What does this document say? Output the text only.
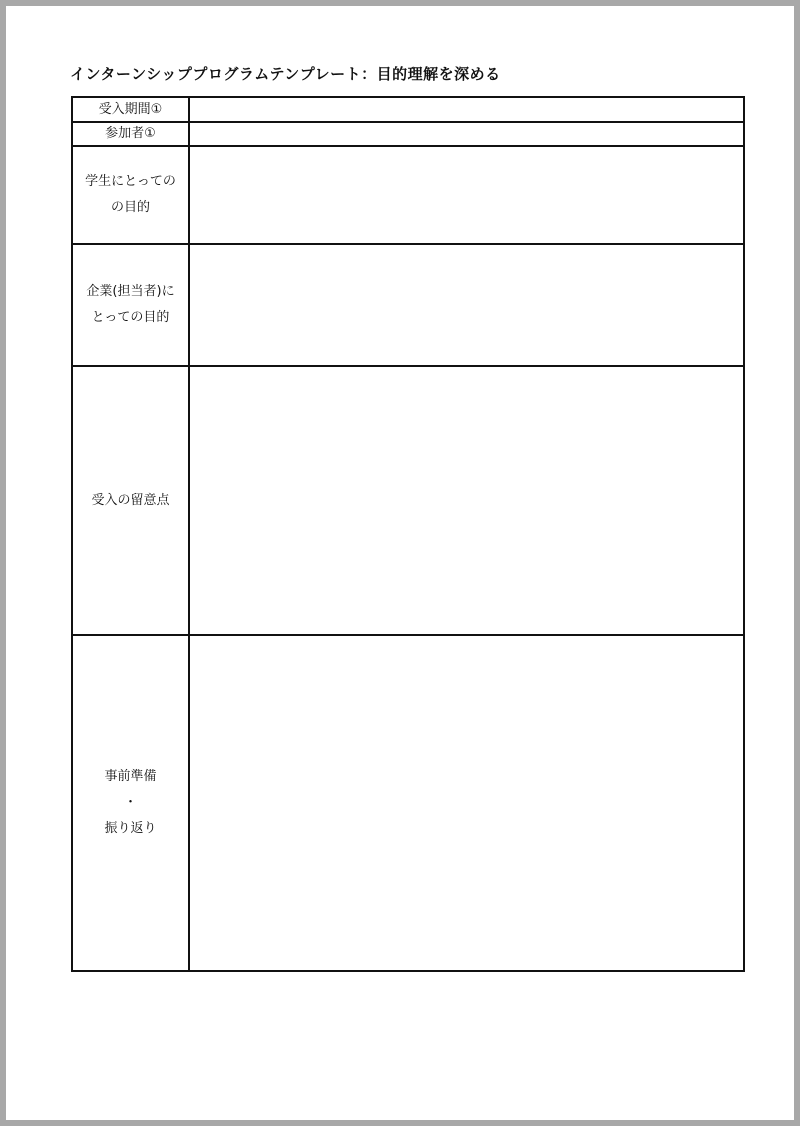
インターンシッププログラムテンプレート：目的理解を深める
受入期間①	

参加者①	

学生にとっての
の目的	

企業(担当者)に
とっての目的	

受入の留意点	

事前準備
・
振り返り	
